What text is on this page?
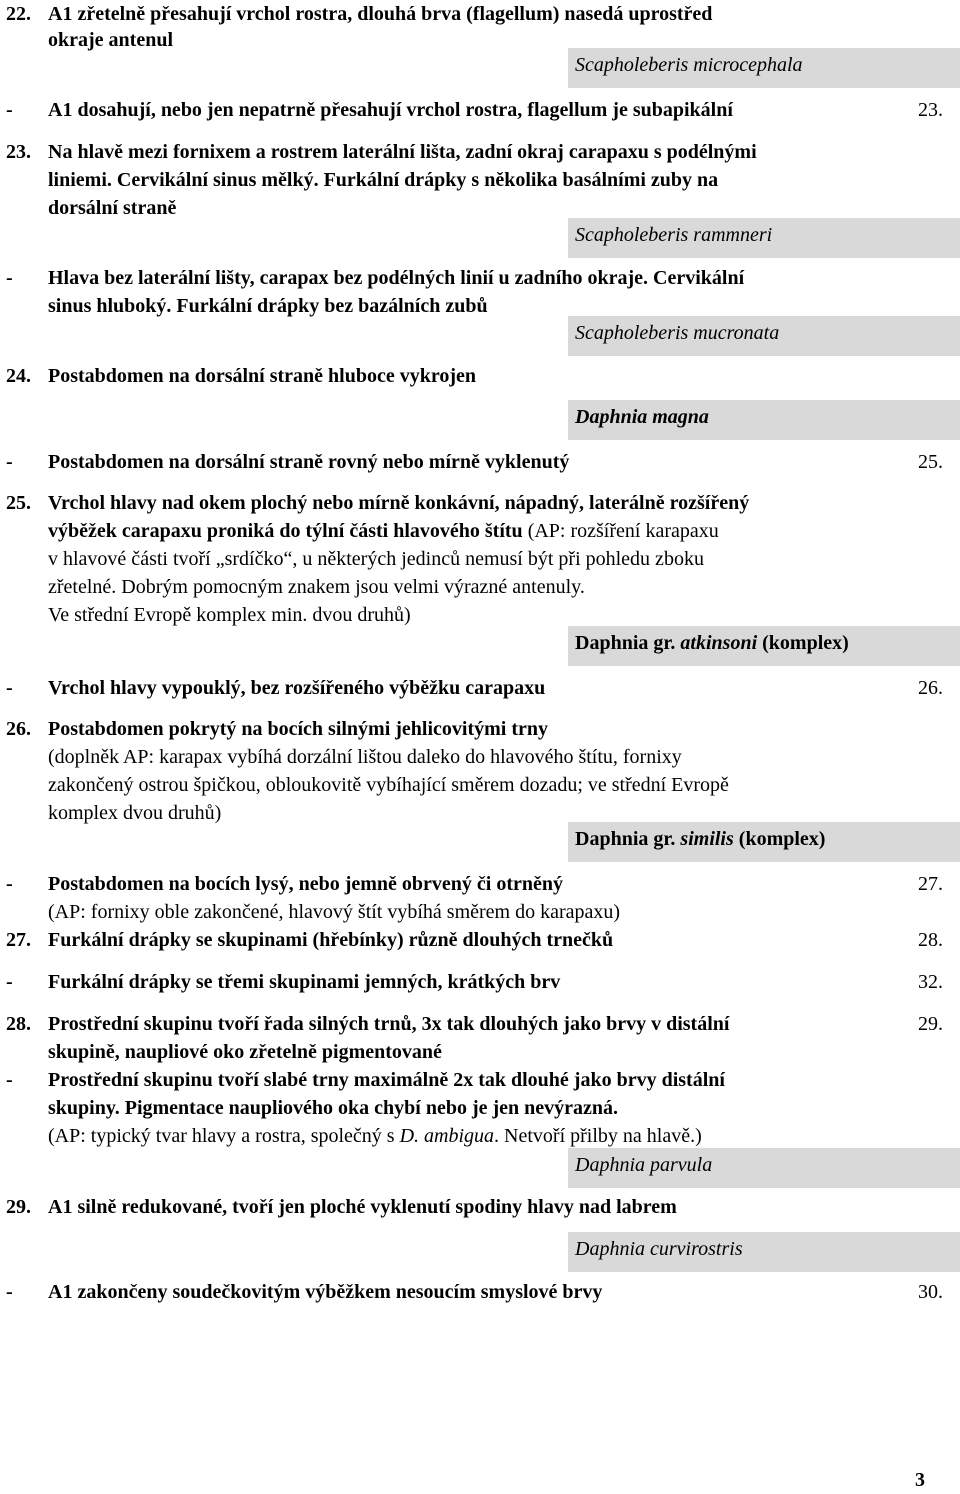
22. A1 zřetelně přesahují vrchol rostra, dlouhá brva (flagellum) nasedá uprostřed
okraje antenul
Scapholeberis microcephala
- A1 dosahují, nebo jen nepatrně přesahují vrchol rostra, flagellum je subapikální	23.
23. Na hlavě mezi fornixem a rostrem laterální lišta, zadní okraj carapaxu s podélnými
liniemi. Cervikální sinus mělký. Furkální drápky s několika basálními zuby na
dorsální straně
Scapholeberis rammneri
- Hlava bez laterální lišty, carapax bez podélných linií u zadního okraje. Cervikální
sinus hluboký. Furkální drápky bez bazálních zubů
Scapholeberis mucronata
24. Postabdomen na dorsální straně hluboce vykrojen
Daphnia magna
- Postabdomen na dorsální straně rovný nebo mírně vyklenutý	25.
25. Vrchol hlavy nad okem plochý nebo mírně konkávní, nápadný, laterálně rozšířený
výběžek carapaxu proniká do týlní části hlavového štítu (AP: rozšíření karapaxu
v hlavové části tvoří „srdíčko“, u některých jedinců nemusí být při pohledu zboku
zřetelné. Dobrým pomocným znakem jsou velmi výrazné antenuly.
Ve střední Evropě komplex min. dvou druhů)
Daphnia gr. atkinsoni (komplex)
- Vrchol hlavy vypouklý, bez rozšířeného výběžku carapaxu	26.
26. Postabdomen pokrytý na bocích silnými jehlicovitými trny
(doplněk AP: karapax vybíhá dorzální lištou daleko do hlavového štítu, fornixy
zakončený ostrou špičkou, obloukovitě vybíhající směrem dozadu; ve střední Evropě
komplex dvou druhů)
Daphnia gr. similis (komplex)
- Postabdomen na bocích lysý, nebo jemně obrvený či otrněný	27.
(AP: fornixy oble zakončené, hlavový štít vybíhá směrem do karapaxu)
27. Furkální drápky se skupinami (hřebínky) různě dlouhých trnečků	28.
- Furkální drápky se třemi skupinami jemných, krátkých brv	32.
28. Prostřední skupinu tvoří řada silných trnů, 3x tak dlouhých jako brvy v distální	29.
skupině, naupliové oko zřetelně pigmentované
- Prostřední skupinu tvoří slabé trny maximálně 2x tak dlouhé jako brvy distální
skupiny. Pigmentace naupliového oka chybí nebo je jen nevýrazná.
(AP: typický tvar hlavy a rostra, společný s D. ambigua. Netvoří přilby na hlavě.)
Daphnia parvula
29. A1 silně redukované, tvoří jen ploché vyklenutí spodiny hlavy nad labrem
Daphnia curvirostris
- A1 zakončeny soudečkovitým výběžkem nesoucím smyslové brvy	30.
3
